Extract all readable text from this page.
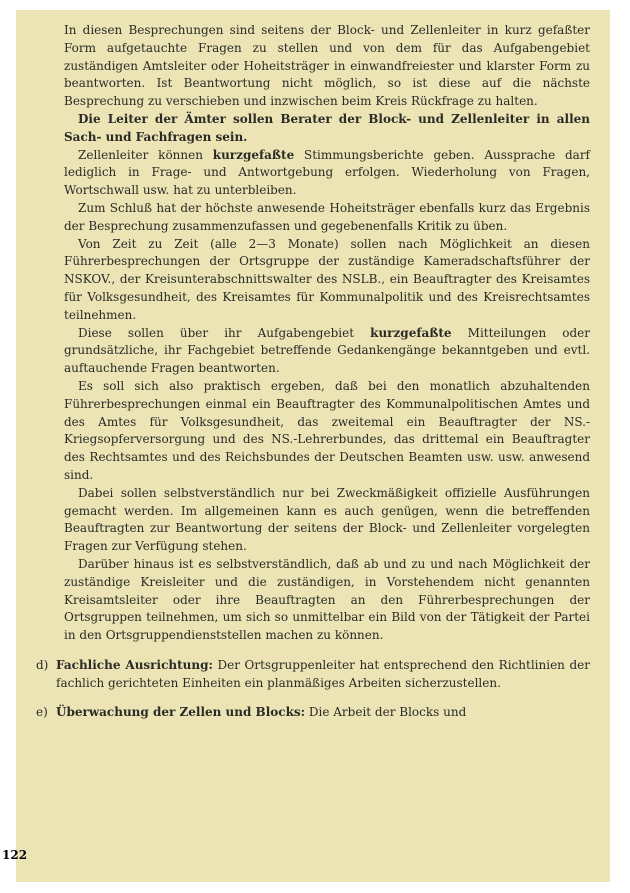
In diesen Besprechungen sind seitens der Block- und Zellenleiter in kurz gefaßter Form aufgetauchte Fragen zu stellen und von dem für das Aufgabengebiet zuständigen Amtsleiter oder Hoheitsträger in einwandfreiester und klarster Form zu beantworten. Ist Beantwortung nicht möglich, so ist diese auf die nächste Besprechung zu verschieben und inzwischen beim Kreis Rückfrage zu halten.

Die Leiter der Ämter sollen Berater der Block- und Zellenleiter in allen Sach- und Fachfragen sein.

Zellenleiter können kurzgefaßte Stimmungsberichte geben. Aussprache darf lediglich in Frage- und Antwortgebung erfolgen. Wiederholung von Fragen, Wortschwall usw. hat zu unterbleiben.

Zum Schluß hat der höchste anwesende Hoheitsträger ebenfalls kurz das Ergebnis der Besprechung zusammenzufassen und gegebenenfalls Kritik zu üben.

Von Zeit zu Zeit (alle 2—3 Monate) sollen nach Möglichkeit an diesen Führerbesprechungen der Ortsgruppe der zuständige Kameradschaftsführer der NSKOV., der Kreisunterabschnittswalter des NSLB., ein Beauftragter des Kreisamtes für Volksgesundheit, des Kreisamtes für Kommunalpolitik und des Kreisrechtsamtes teilnehmen.

Diese sollen über ihr Aufgabengebiet kurzgefaßte Mitteilungen oder grundsätzliche, ihr Fachgebiet betreffende Gedankengänge bekanntgeben und evtl. auftauchende Fragen beantworten.

Es soll sich also praktisch ergeben, daß bei den monatlich abzuhaltenden Führerbesprechungen einmal ein Beauftragter des Kommunalpolitischen Amtes und des Amtes für Volksgesundheit, das zweitemal ein Beauftragter der NS.-Kriegsopferversorgung und des NS.-Lehrerbundes, das drittemal ein Beauftragter des Rechtsamtes und des Reichsbundes der Deutschen Beamten usw. usw. anwesend sind.

Dabei sollen selbstverständlich nur bei Zweckmäßigkeit offizielle Ausführungen gemacht werden. Im allgemeinen kann es auch genügen, wenn die betreffenden Beauftragten zur Beantwortung der seitens der Block- und Zellenleiter vorgelegten Fragen zur Verfügung stehen.

Darüber hinaus ist es selbstverständlich, daß ab und zu und nach Möglichkeit der zuständige Kreisleiter und die zuständigen, in Vorstehendem nicht genannten Kreisamtsleiter oder ihre Beauftragten an den Führerbesprechungen der Ortsgruppen teilnehmen, um sich so unmittelbar ein Bild von der Tätigkeit der Partei in den Ortsgruppendienststellen machen zu können.

d) Fachliche Ausrichtung: Der Ortsgruppenleiter hat entsprechend den Richtlinien der fachlich gerichteten Einheiten ein planmäßiges Arbeiten sicherzustellen.
e) Überwachung der Zellen und Blocks: Die Arbeit der Blocks und
122
